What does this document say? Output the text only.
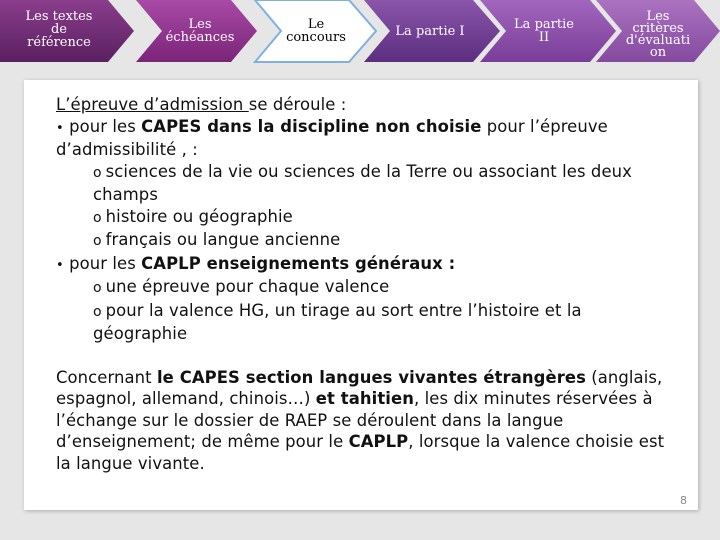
Les textes
de
référence
Les
échéances
Le
concours	La partie I	La partie
II
Les
critères
d'évaluati
on

L’épreuve d’admission se déroule :

• pour les CAPES dans la discipline non choisie pour l’épreuve d’admissibilité , :

o sciences de la vie ou sciences de la Terre ou associant les deux champs

o histoire ou géographie

o français ou langue ancienne

• pour les CAPLP enseignements généraux :

o une épreuve pour chaque valence

o pour la valence HG, un tirage au sort entre l’histoire et la géographie

Concernant le CAPES section langues vivantes étrangères (anglais, espagnol, allemand, chinois…) et tahitien, les dix minutes réservées à l’échange sur le dossier de RAEP se déroulent dans la langue d’enseignement; de même pour le CAPLP, lorsque la valence choisie est la langue vivante.

8
